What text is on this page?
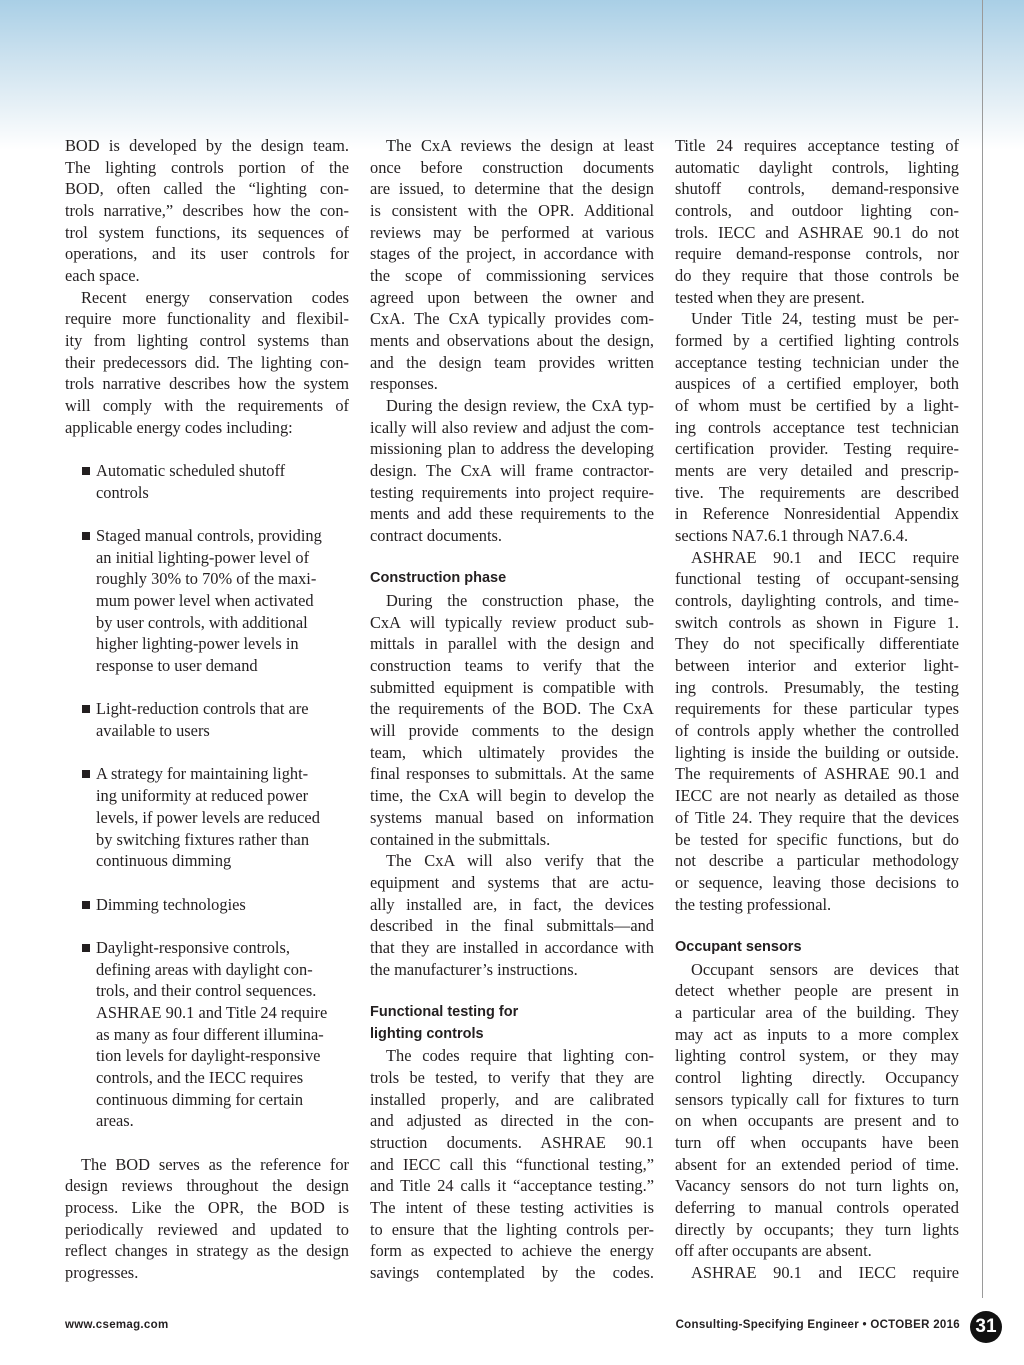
BOD is developed by the design team.
The lighting controls portion of the
BOD, often called the “lighting con-
trols narrative,” describes how the con-
trol system functions, its sequences of
operations, and its user controls for
each space.
Recent energy conservation codes
require more functionality and flexibil-
ity from lighting control systems than
their predecessors did. The lighting con-
trols narrative describes how the system
will comply with the requirements of
applicable energy codes including:
Automatic scheduled shutoff
controls
Staged manual controls, providing
an initial lighting-power level of
roughly 30% to 70% of the maxi-
mum power level when activated
by user controls, with additional
higher lighting-power levels in
response to user demand
Light-reduction controls that are
available to users
A strategy for maintaining light-
ing uniformity at reduced power
levels, if power levels are reduced
by switching fixtures rather than
continuous dimming
Dimming technologies
Daylight-responsive controls,
defining areas with daylight con-
trols, and their control sequences.
ASHRAE 90.1 and Title 24 require
as many as four different illumina-
tion levels for daylight-responsive
controls, and the IECC requires
continuous dimming for certain
areas.
The BOD serves as the reference for
design reviews throughout the design
process. Like the OPR, the BOD is
periodically reviewed and updated to
reflect changes in strategy as the design
progresses.
The CxA reviews the design at least
once before construction documents
are issued, to determine that the design
is consistent with the OPR. Additional
reviews may be performed at various
stages of the project, in accordance with
the scope of commissioning services
agreed upon between the owner and
CxA. The CxA typically provides com-
ments and observations about the design,
and the design team provides written
responses.
During the design review, the CxA typ-
ically will also review and adjust the com-
missioning plan to address the developing
design. The CxA will frame contractor-
testing requirements into project require-
ments and add these requirements to the
contract documents.
Construction phase
During the construction phase, the
CxA will typically review product sub-
mittals in parallel with the design and
construction teams to verify that the
submitted equipment is compatible with
the requirements of the BOD. The CxA
will provide comments to the design
team, which ultimately provides the
final responses to submittals. At the same
time, the CxA will begin to develop the
systems manual based on information
contained in the submittals.
The CxA will also verify that the
equipment and systems that are actu-
ally installed are, in fact, the devices
described in the final submittals—and
that they are installed in accordance with
the manufacturer’s instructions.
Functional testing for
lighting controls
The codes require that lighting con-
trols be tested, to verify that they are
installed properly, and are calibrated
and adjusted as directed in the con-
struction documents. ASHRAE 90.1
and IECC call this “functional testing,”
and Title 24 calls it “acceptance testing.”
The intent of these testing activities is
to ensure that the lighting controls per-
form as expected to achieve the energy
savings contemplated by the codes.
Title 24 requires acceptance testing of
automatic daylight controls, lighting
shutoff controls, demand-responsive
controls, and outdoor lighting con-
trols. IECC and ASHRAE 90.1 do not
require demand-response controls, nor
do they require that those controls be
tested when they are present.
Under Title 24, testing must be per-
formed by a certified lighting controls
acceptance testing technician under the
auspices of a certified employer, both
of whom must be certified by a light-
ing controls acceptance test technician
certification provider. Testing require-
ments are very detailed and prescrip-
tive. The requirements are described
in Reference Nonresidential Appendix
sections NA7.6.1 through NA7.6.4.
ASHRAE 90.1 and IECC require
functional testing of occupant-sensing
controls, daylighting controls, and time-
switch controls as shown in Figure 1.
They do not specifically differentiate
between interior and exterior light-
ing controls. Presumably, the testing
requirements for these particular types
of controls apply whether the controlled
lighting is inside the building or outside.
The requirements of ASHRAE 90.1 and
IECC are not nearly as detailed as those
of Title 24. They require that the devices
be tested for specific functions, but do
not describe a particular methodology
or sequence, leaving those decisions to
the testing professional.
Occupant sensors
Occupant sensors are devices that
detect whether people are present in
a particular area of the building. They
may act as inputs to a more complex
lighting control system, or they may
control lighting directly. Occupancy
sensors typically call for fixtures to turn
on when occupants are present and to
turn off when occupants have been
absent for an extended period of time.
Vacancy sensors do not turn lights on,
deferring to manual controls operated
directly by occupants; they turn lights
off after occupants are absent.
ASHRAE 90.1 and IECC require
www.csemag.com	Consulting-Specifying Engineer • OCTOBER 2016 31
